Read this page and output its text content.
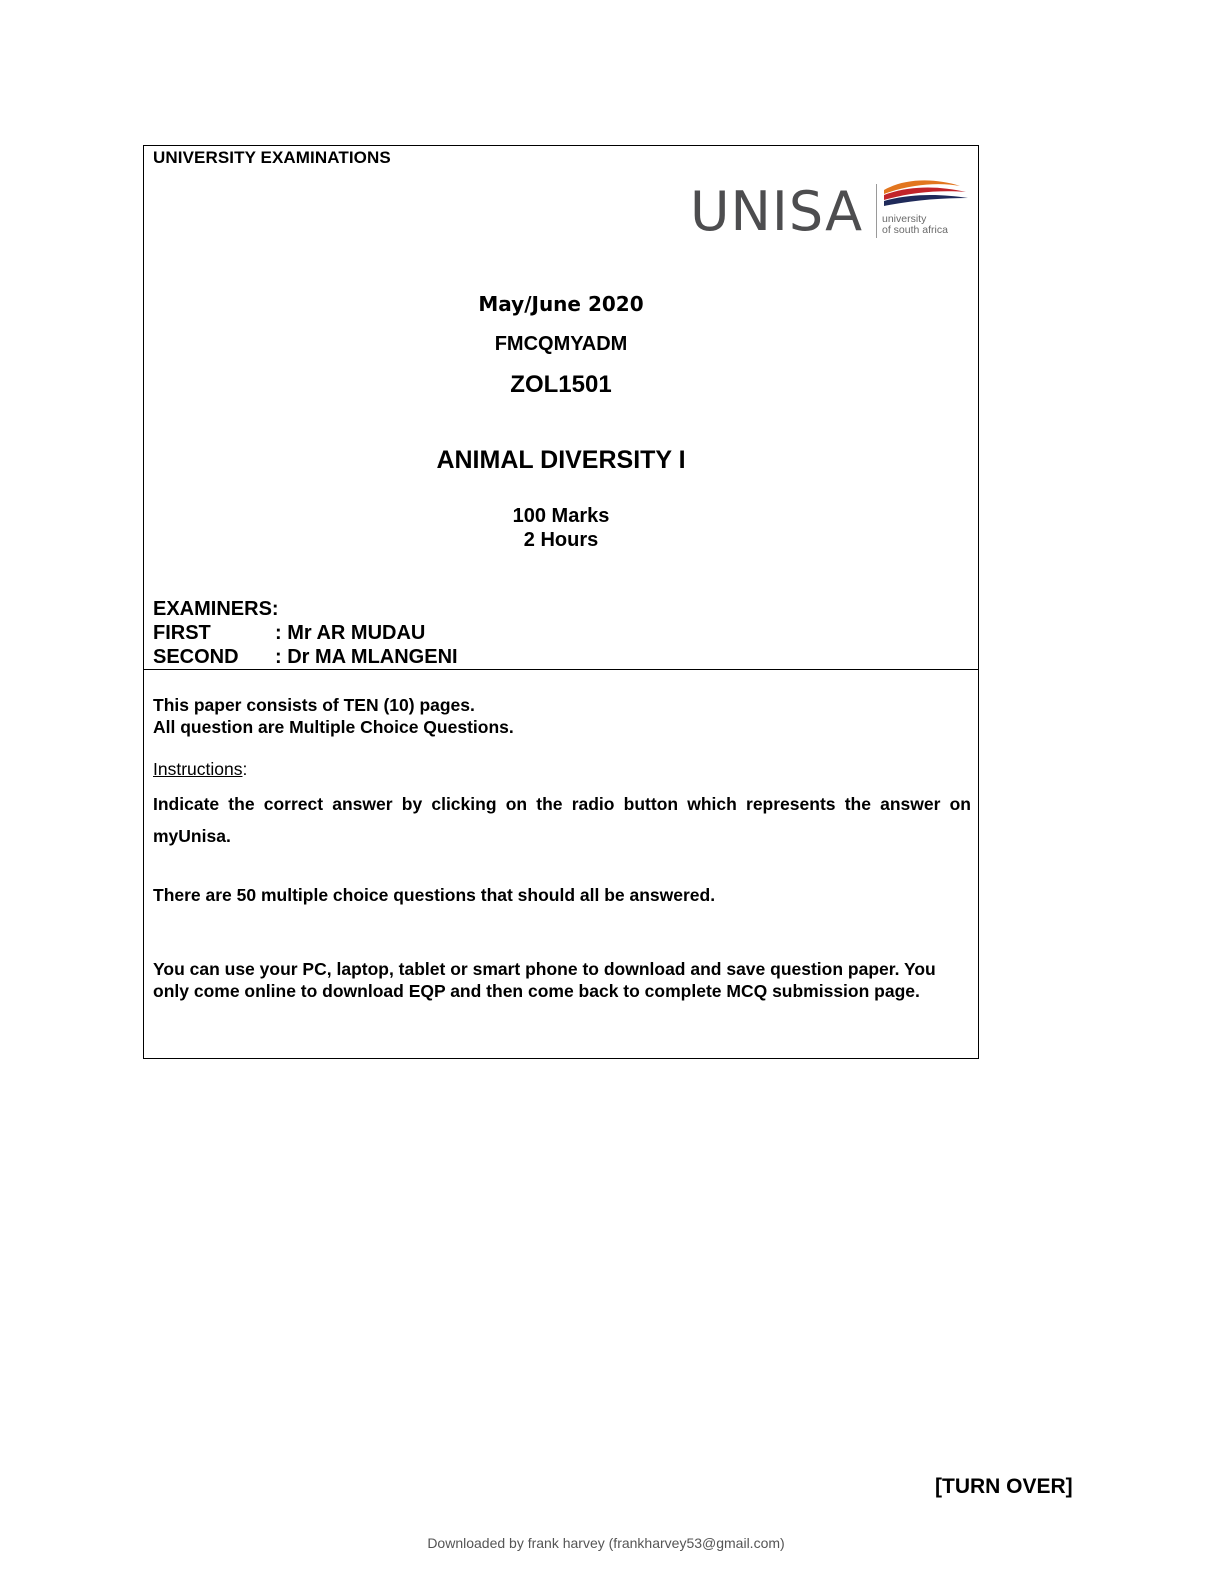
UNIVERSITY EXAMINATIONS
UNISA university
of south africa
May/June 2020
FMCQMYADM
ZOL1501
ANIMAL DIVERSITY I
100 Marks
2 Hours
EXAMINERS:
FIRST	: Mr AR MUDAU
SECOND	: Dr MA MLANGENI
This paper consists of TEN (10) pages.
All question are Multiple Choice Questions.
Instructions:
Indicate the correct answer by clicking on the radio button which represents the answer on myUnisa.
There are 50 multiple choice questions that should all be answered.
You can use your PC, laptop, tablet or smart phone to download and save question paper. You only come online to download EQP and then come back to complete MCQ submission page.
[TURN OVER]
Downloaded by frank harvey (frankharvey53@gmail.com)
